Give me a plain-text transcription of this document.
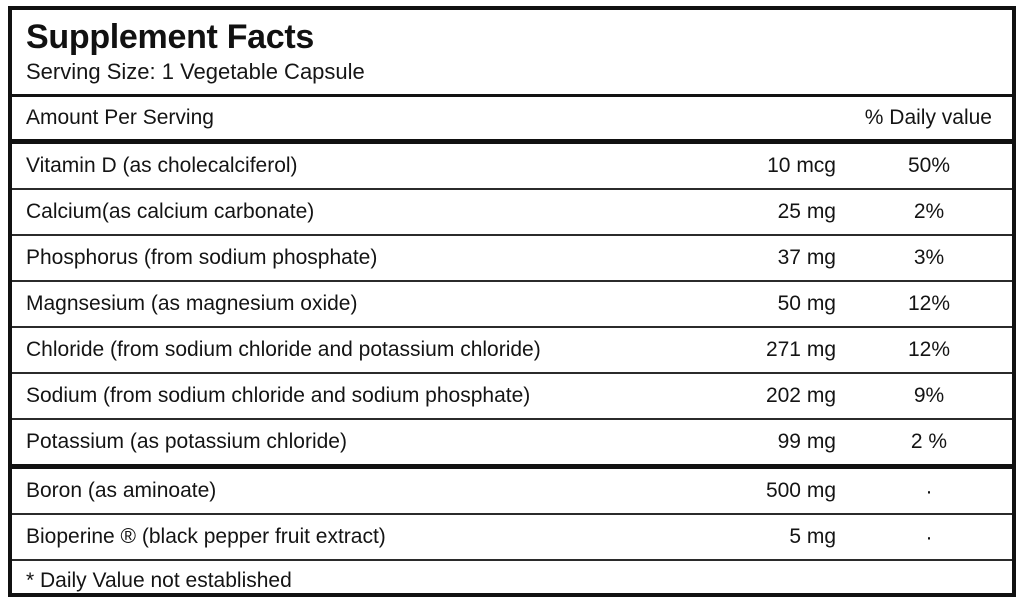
Supplement Facts
Serving Size: 1 Vegetable Capsule
Amount Per Serving	% Daily value
Vitamin D (as cholecalciferol)	10 mcg	50%
Calcium(as calcium carbonate)	25 mg	2%
Phosphorus (from sodium phosphate)	37 mg	3%
Magnsesium (as magnesium oxide)	50 mg	12%
Chloride (from sodium chloride and potassium chloride)	271 mg	12%
Sodium (from sodium chloride and sodium phosphate)	202 mg	9%
Potassium (as potassium chloride)	99 mg	2 %
Boron (as aminoate)	500 mg	·
Bioperine ® (black pepper fruit extract)	5 mg	·
* Daily Value not established
